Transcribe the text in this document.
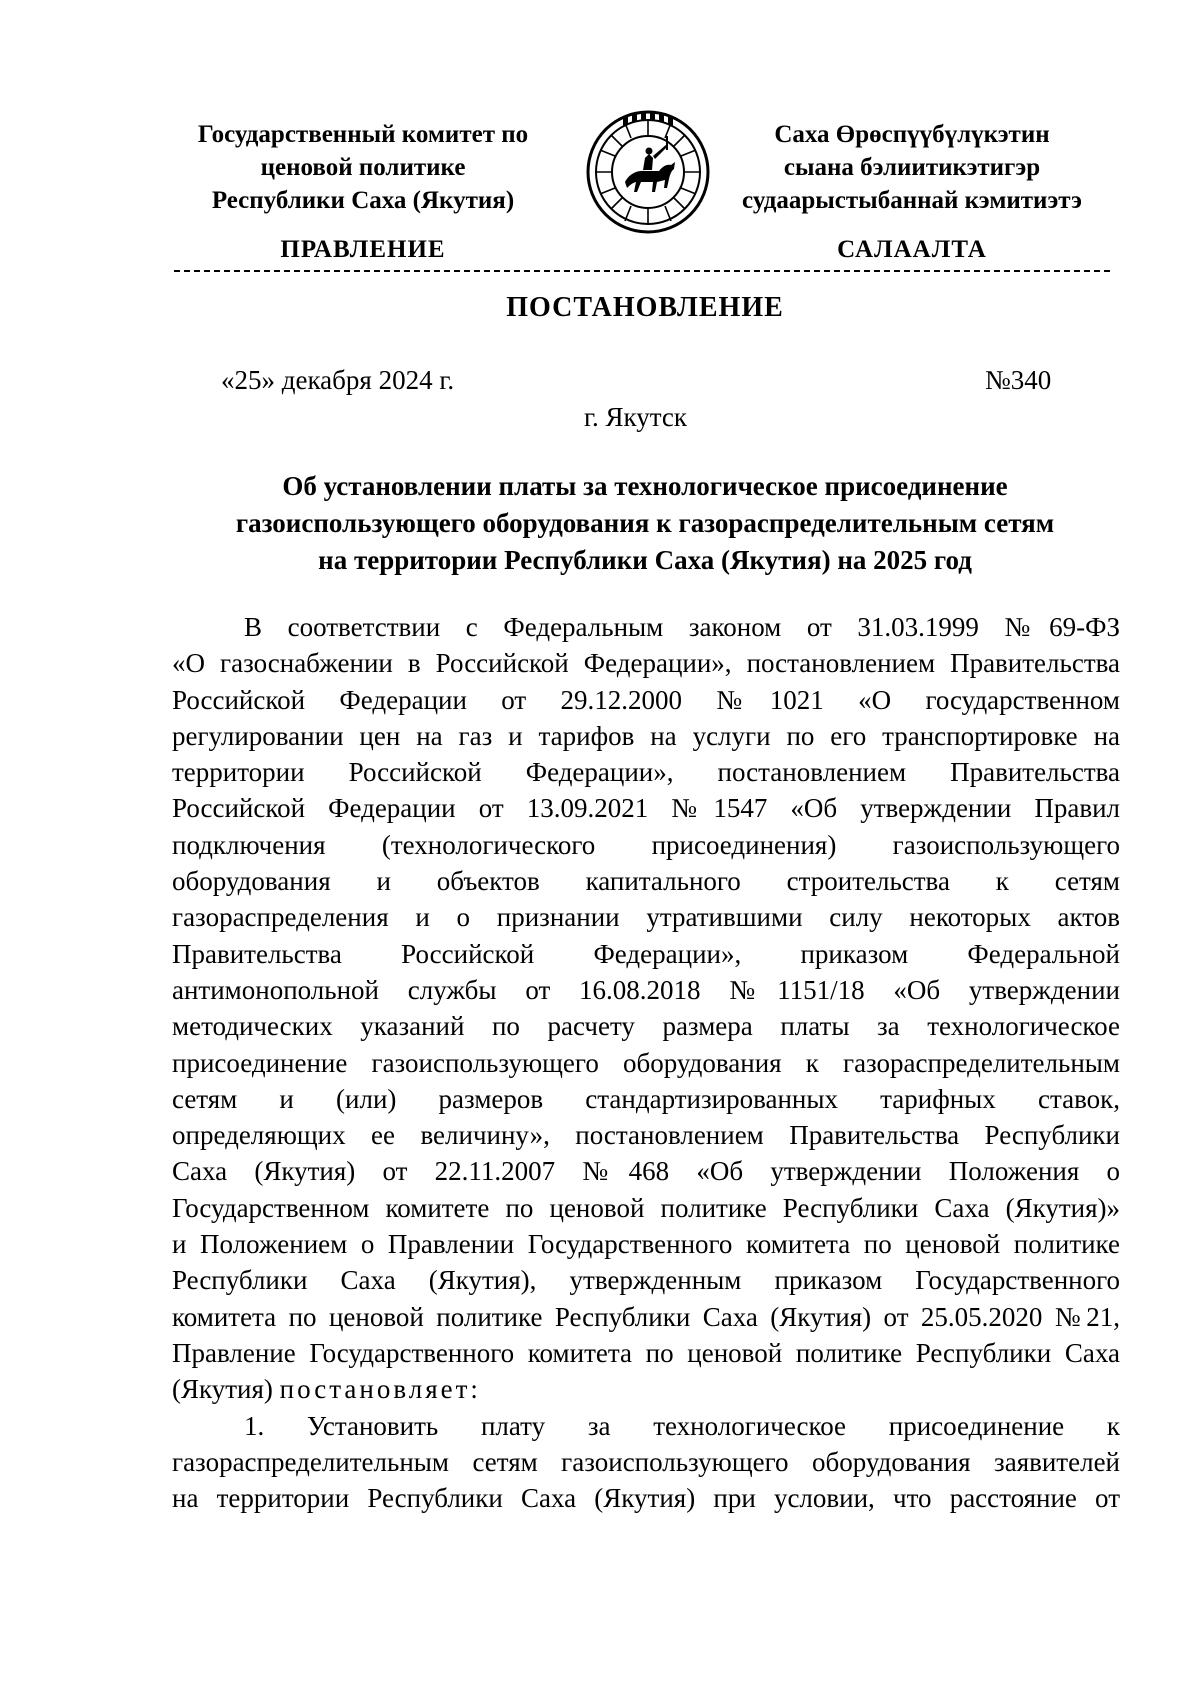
Государственный комитет по
ценовой политике
Республики Саха (Якутия)
Саха Өрөспүүбүлүкэтин
сыана бэлиитикэтигэр
судаарыстыбаннай кэмитиэтэ
ПРАВЛЕНИЕ	САЛААЛТА
ПОСТАНОВЛЕНИЕ
«25» декабря 2024 г.	№340
г. Якутск
Об установлении платы за технологическое присоединение
газоиспользующего оборудования к газораспределительным сетям
на территории Республики Саха (Якутия) на 2025 год
В соответствии с Федеральным законом от 31.03.1999 №69-ФЗ
«О газоснабжении в Российской Федерации», постановлением Правительства
Российской Федерации от 29.12.2000 №1021 «О государственном
регулировании цен на газ и тарифов на услуги по его транспортировке на
территории Российской Федерации», постановлением Правительства
Российской Федерации от 13.09.2021 №1547 «Об утверждении Правил
подключения (технологического присоединения) газоиспользующего
оборудования и объектов капитального строительства к сетям
газораспределения и о признании утратившими силу некоторых актов
Правительства Российской Федерации», приказом Федеральной
антимонопольной службы от 16.08.2018 №1151/18 «Об утверждении
методических указаний по расчету размера платы за технологическое
присоединение газоиспользующего оборудования к газораспределительным
сетям и (или) размеров стандартизированных тарифных ставок,
определяющих ее величину», постановлением Правительства Республики
Саха (Якутия) от 22.11.2007 №468 «Об утверждении Положения о
Государственном комитете по ценовой политике Республики Саха (Якутия)»
и Положением о Правлении Государственного комитета по ценовой политике
Республики Саха (Якутия), утвержденным приказом Государственного
комитета по ценовой политике Республики Саха (Якутия) от 25.05.2020 №21,
Правление Государственного комитета по ценовой политике Республики Саха
(Якутия) постановляет:
1. Установить плату за технологическое присоединение к
газораспределительным сетям газоиспользующего оборудования заявителей
на территории Республики Саха (Якутия) при условии, что расстояние от
